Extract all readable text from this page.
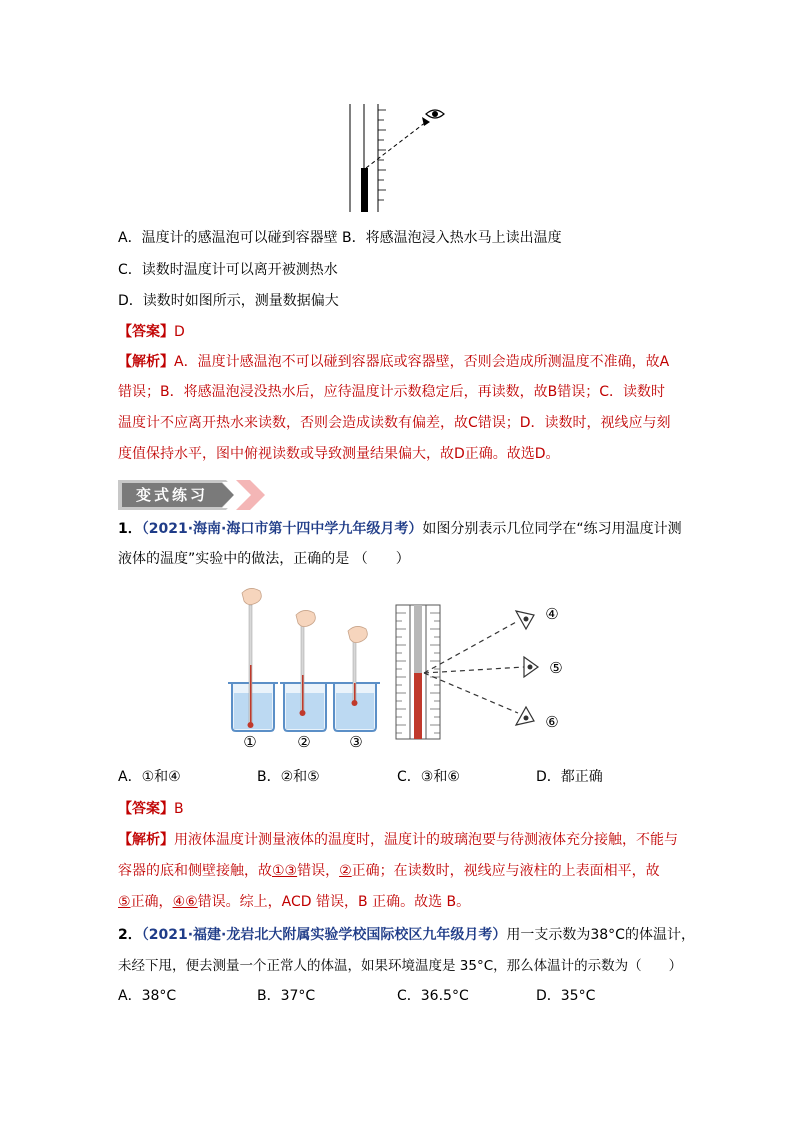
A．温度计的感温泡可以碰到容器壁 B．将感温泡浸入热水马上读出温度
C．读数时温度计可以离开被测热水
D．读数时如图所示，测量数据偏大
【答案】D
【解析】A．温度计感温泡不可以碰到容器底或容器壁，否则会造成所测温度不准确，故A
错误；B．将感温泡浸没热水后，应待温度计示数稳定后，再读数，故B错误；C．读数时
温度计不应离开热水来读数，否则会造成读数有偏差，故C错误；D．读数时，视线应与刻
度值保持水平，图中俯视读数或导致测量结果偏大，故D正确。故选D。
变式练习
1．（2021·海南·海口市第十四中学九年级月考）如图分别表示几位同学在“练习用温度计测
液体的温度”实验中的做法，正确的是 （　　）
①	②	③
④
⑤
⑥
A．①和④	B．②和⑤	C．③和⑥	D．都正确
【答案】B
【解析】用液体温度计测量液体的温度时，温度计的玻璃泡要与待测液体充分接触，不能与
容器的底和侧壁接触，故①③错误，②正确；在读数时，视线应与液柱的上表面相平，故
⑤正确，④⑥错误。综上，ACD 错误，B 正确。故选 B。
2．（2021·福建·龙岩北大附属实验学校国际校区九年级月考）用一支示数为38°C的体温计，
未经下甩，便去测量一个正常人的体温，如果环境温度是 35°C，那么体温计的示数为（　　）
A．38°C	B．37°C	C．36.5°C	D．35°C
